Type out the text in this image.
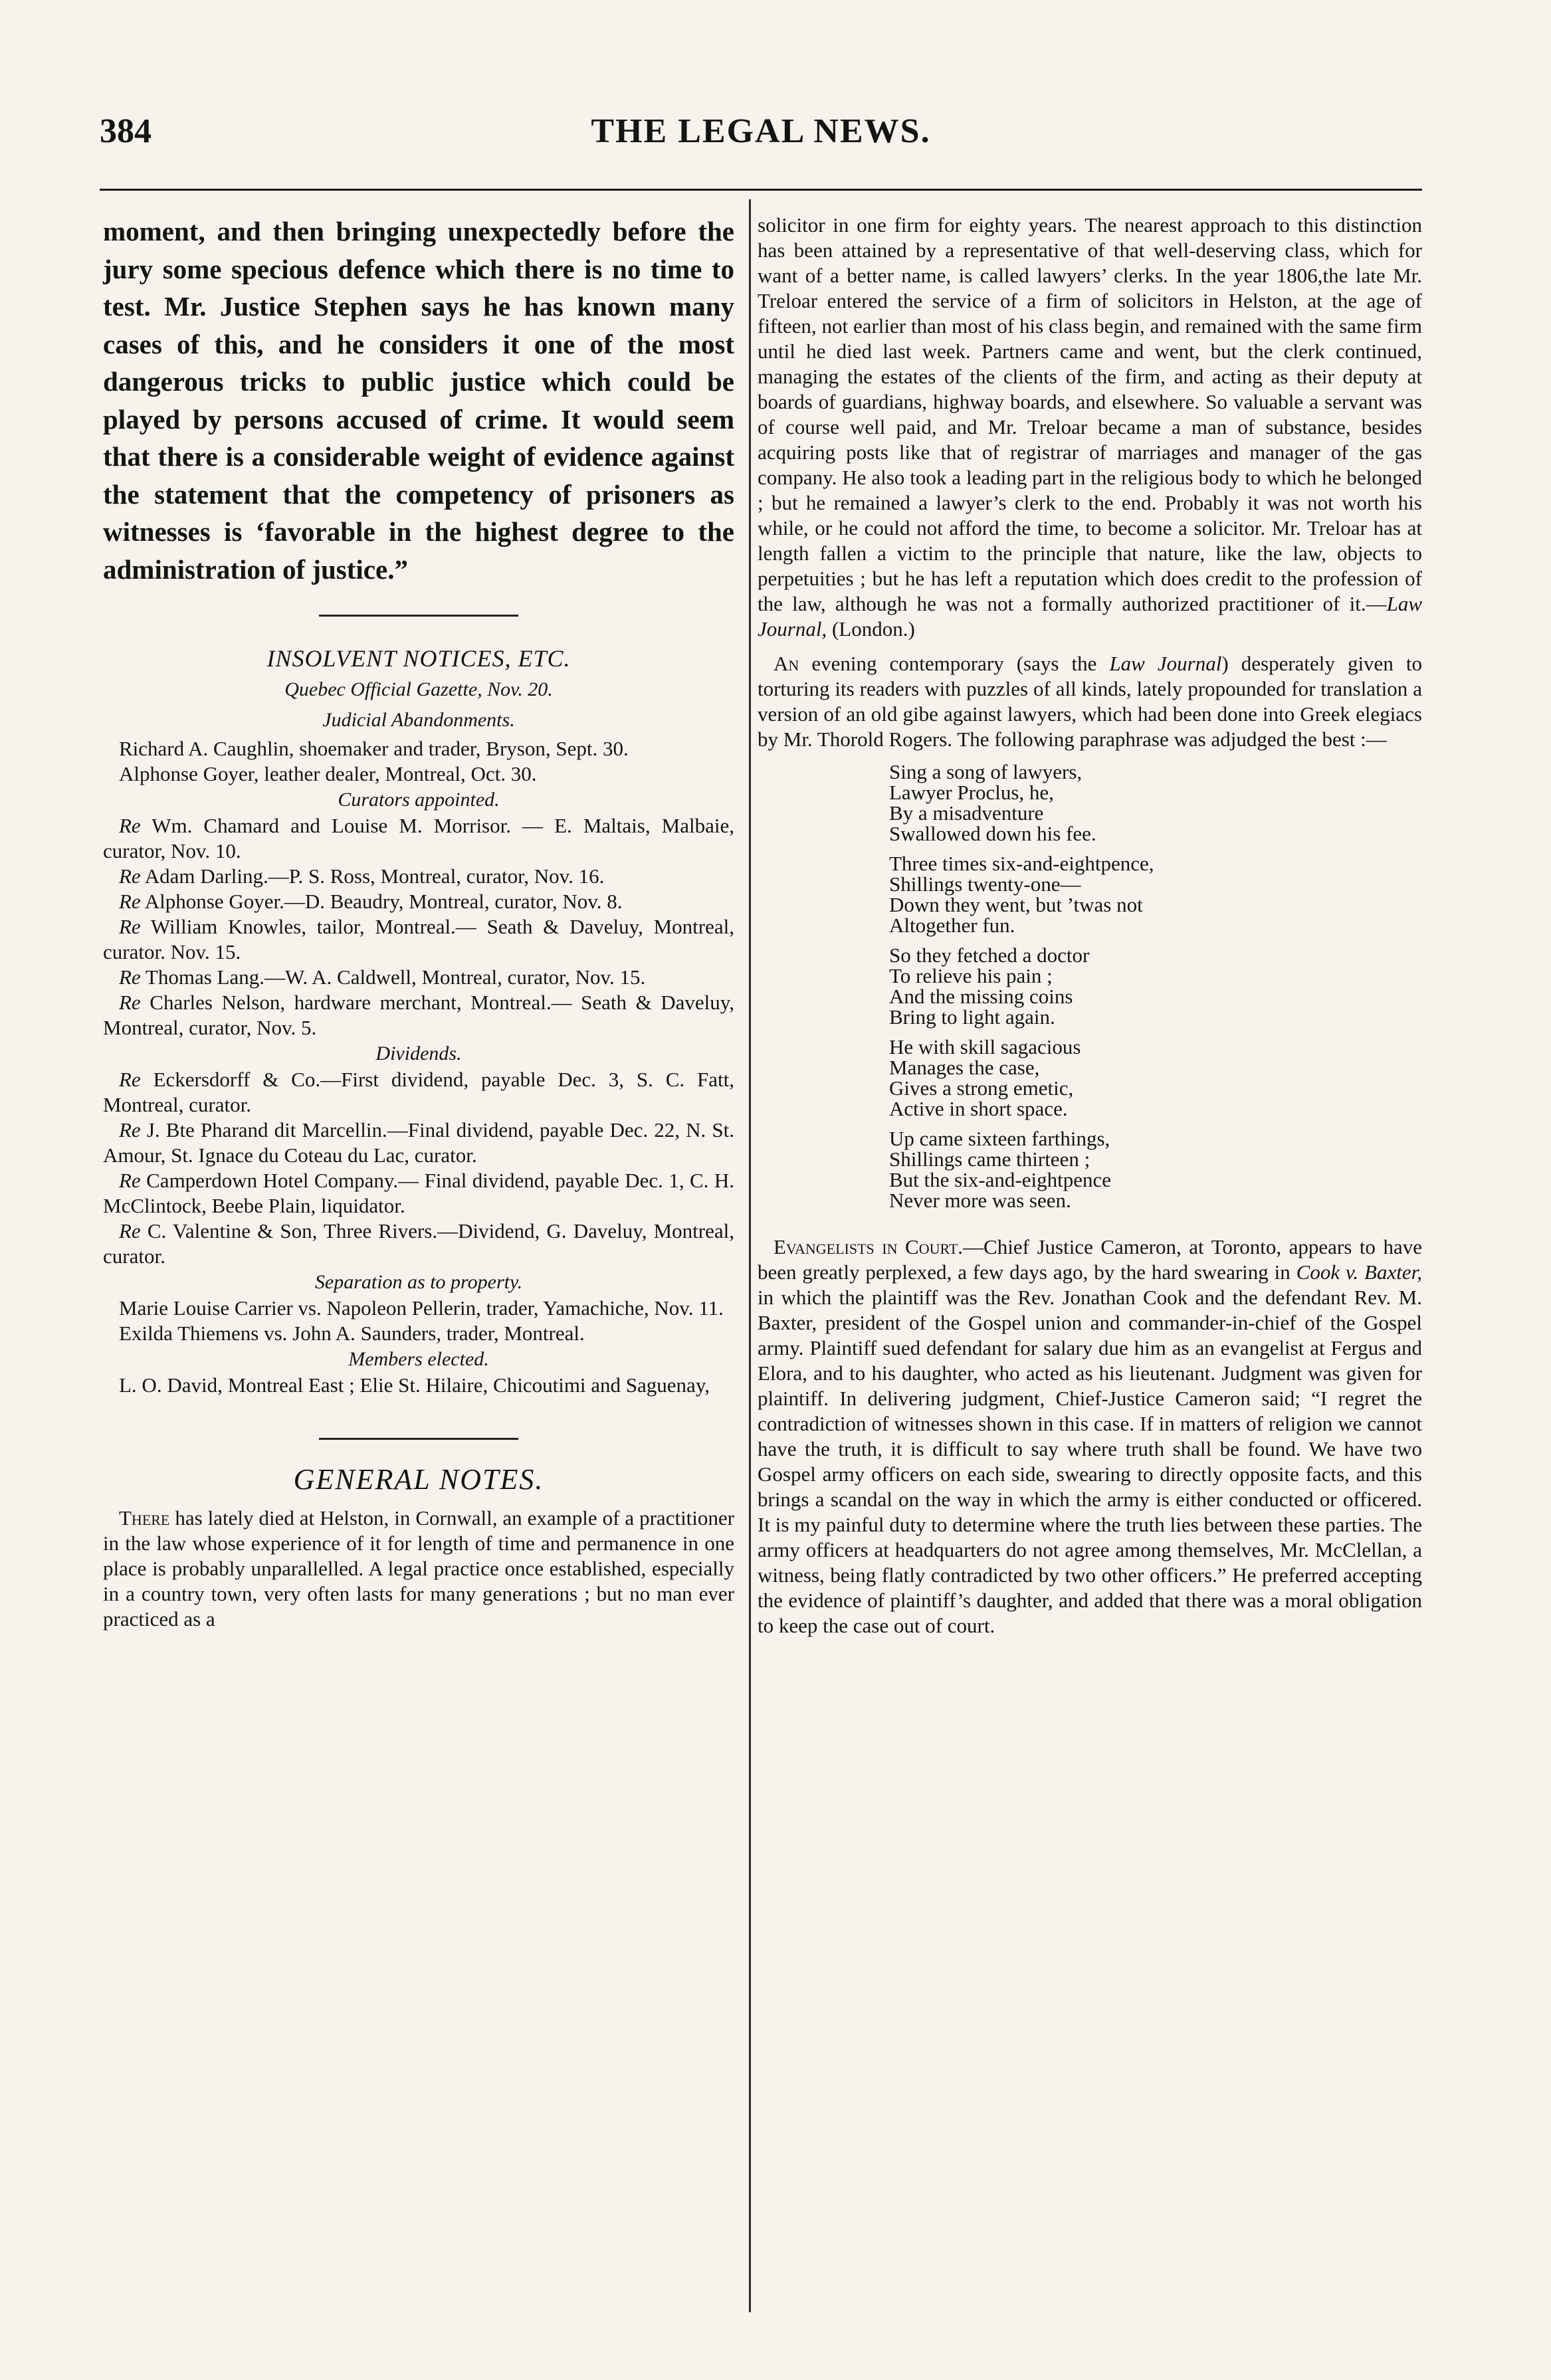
384	THE LEGAL NEWS.

moment, and then bringing unexpectedly before the jury some specious defence which there is no time to test. Mr. Justice Stephen says he has known many cases of this, and he considers it one of the most dangerous tricks to public justice which could be played by persons accused of crime. It would seem that there is a considerable weight of evidence against the statement that the competency of prisoners as witnesses is ‘favorable in the highest degree to the administration of justice.”

INSOLVENT NOTICES, ETC.
Quebec Official Gazette, Nov. 20.
Judicial Abandonments.

Richard A. Caughlin, shoemaker and trader, Bryson, Sept. 30.

Alphonse Goyer, leather dealer, Montreal, Oct. 30.

Curators appointed.

Re Wm. Chamard and Louise M. Morrisor. — E. Maltais, Malbaie, curator, Nov. 10.

Re Adam Darling.—P. S. Ross, Montreal, curator, Nov. 16.

Re Alphonse Goyer.—D. Beaudry, Montreal, curator, Nov. 8.

Re William Knowles, tailor, Montreal.— Seath & Daveluy, Montreal, curator. Nov. 15.

Re Thomas Lang.—W. A. Caldwell, Montreal, curator, Nov. 15.

Re Charles Nelson, hardware merchant, Montreal.— Seath & Daveluy, Montreal, curator, Nov. 5.

Dividends.

Re Eckersdorff & Co.—First dividend, payable Dec. 3, S. C. Fatt, Montreal, curator.

Re J. Bte Pharand dit Marcellin.—Final dividend, payable Dec. 22, N. St. Amour, St. Ignace du Coteau du Lac, curator.

Re Camperdown Hotel Company.— Final dividend, payable Dec. 1, C. H. McClintock, Beebe Plain, liquidator.

Re C. Valentine & Son, Three Rivers.—Dividend, G. Daveluy, Montreal, curator.

Separation as to property.

Marie Louise Carrier vs. Napoleon Pellerin, trader, Yamachiche, Nov. 11.

Exilda Thiemens vs. John A. Saunders, trader, Montreal.

Members elected.

L. O. David, Montreal East ; Elie St. Hilaire, Chicoutimi and Saguenay,

GENERAL NOTES.

There has lately died at Helston, in Cornwall, an example of a practitioner in the law whose experience of it for length of time and permanence in one place is probably unparallelled. A legal practice once established, especially in a country town, very often lasts for many generations ; but no man ever practiced as a

solicitor in one firm for eighty years. The nearest approach to this distinction has been attained by a representative of that well-deserving class, which for want of a better name, is called lawyers’ clerks. In the year 1806,the late Mr. Treloar entered the service of a firm of solicitors in Helston, at the age of fifteen, not earlier than most of his class begin, and remained with the same firm until he died last week. Partners came and went, but the clerk continued, managing the estates of the clients of the firm, and acting as their deputy at boards of guardians, highway boards, and elsewhere. So valuable a servant was of course well paid, and Mr. Treloar became a man of substance, besides acquiring posts like that of registrar of marriages and manager of the gas company. He also took a leading part in the religious body to which he belonged ; but he remained a lawyer’s clerk to the end. Probably it was not worth his while, or he could not afford the time, to become a solicitor. Mr. Treloar has at length fallen a victim to the principle that nature, like the law, objects to perpetuities ; but he has left a reputation which does credit to the profession of the law, although he was not a formally authorized practitioner of it.—Law Journal, (London.)

An evening contemporary (says the Law Journal) desperately given to torturing its readers with puzzles of all kinds, lately propounded for translation a version of an old gibe against lawyers, which had been done into Greek elegiacs by Mr. Thorold Rogers. The following paraphrase was adjudged the best :—

Sing a song of lawyers,
Lawyer Proclus, he,
By a misadventure
Swallowed down his fee.
Three times six-and-eightpence,
Shillings twenty-one—
Down they went, but ’twas not
Altogether fun.
So they fetched a doctor
To relieve his pain ;
And the missing coins
Bring to light again.
He with skill sagacious
Manages the case,
Gives a strong emetic,
Active in short space.
Up came sixteen farthings,
Shillings came thirteen ;
But the six-and-eightpence
Never more was seen.

Evangelists in Court.—Chief Justice Cameron, at Toronto, appears to have been greatly perplexed, a few days ago, by the hard swearing in Cook v. Baxter, in which the plaintiff was the Rev. Jonathan Cook and the defendant Rev. M. Baxter, president of the Gospel union and commander-in-chief of the Gospel army. Plaintiff sued defendant for salary due him as an evangelist at Fergus and Elora, and to his daughter, who acted as his lieutenant. Judgment was given for plaintiff. In delivering judgment, Chief-Justice Cameron said; “I regret the contradiction of witnesses shown in this case. If in matters of religion we cannot have the truth, it is difficult to say where truth shall be found. We have two Gospel army officers on each side, swearing to directly opposite facts, and this brings a scandal on the way in which the army is either conducted or officered. It is my painful duty to determine where the truth lies between these parties. The army officers at headquarters do not agree among themselves, Mr. McClellan, a witness, being flatly contradicted by two other officers.” He preferred accepting the evidence of plaintiff’s daughter, and added that there was a moral obligation to keep the case out of court.
